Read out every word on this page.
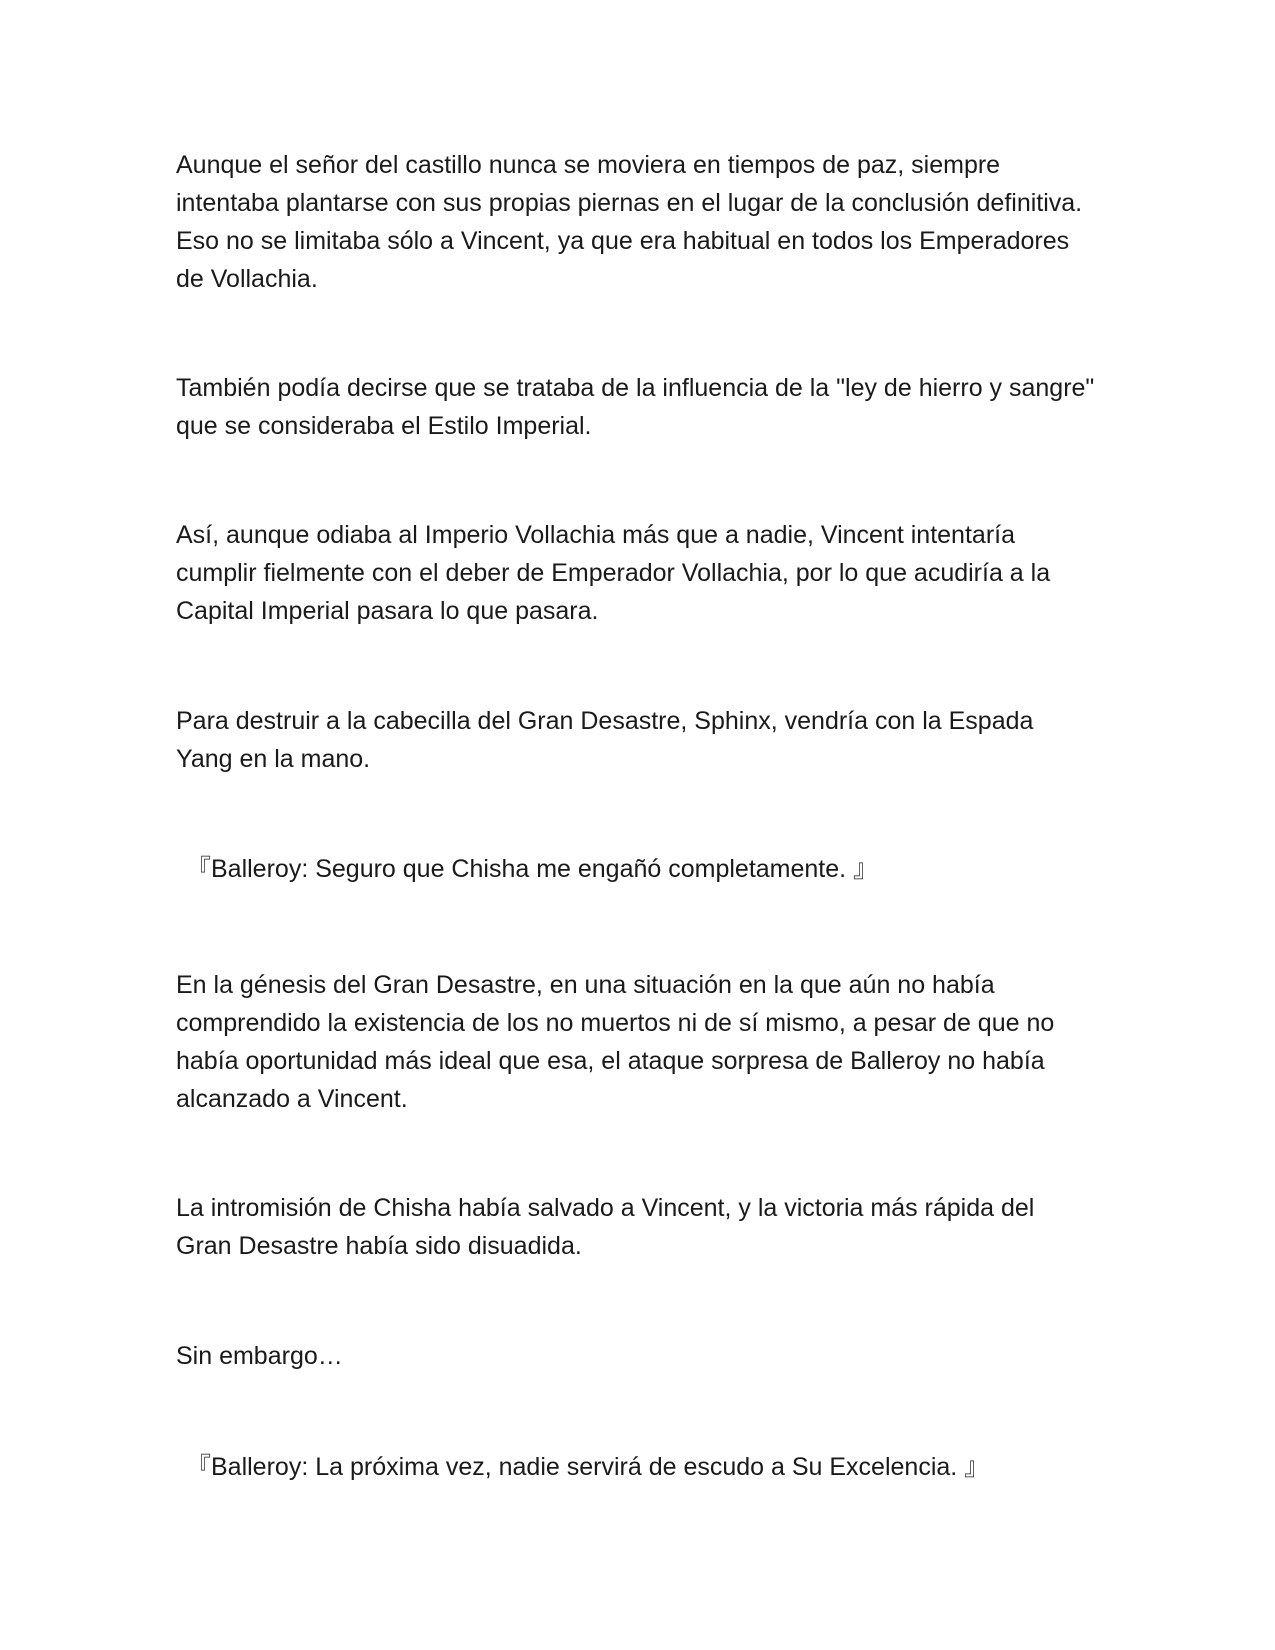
Aunque el señor del castillo nunca se moviera en tiempos de paz, siempre intentaba plantarse con sus propias piernas en el lugar de la conclusión definitiva. Eso no se limitaba sólo a Vincent, ya que era habitual en todos los Emperadores de Vollachia.

También podía decirse que se trataba de la influencia de la "ley de hierro y sangre" que se consideraba el Estilo Imperial.

Así, aunque odiaba al Imperio Vollachia más que a nadie, Vincent intentaría cumplir fielmente con el deber de Emperador Vollachia, por lo que acudiría a la Capital Imperial pasara lo que pasara.

Para destruir a la cabecilla del Gran Desastre, Sphinx, vendría con la Espada Yang en la mano.

『Balleroy: Seguro que Chisha me engañó completamente. 』

En la génesis del Gran Desastre, en una situación en la que aún no había comprendido la existencia de los no muertos ni de sí mismo, a pesar de que no había oportunidad más ideal que esa, el ataque sorpresa de Balleroy no había alcanzado a Vincent.

La intromisión de Chisha había salvado a Vincent, y la victoria más rápida del Gran Desastre había sido disuadida.

Sin embargo…

『Balleroy: La próxima vez, nadie servirá de escudo a Su Excelencia. 』
